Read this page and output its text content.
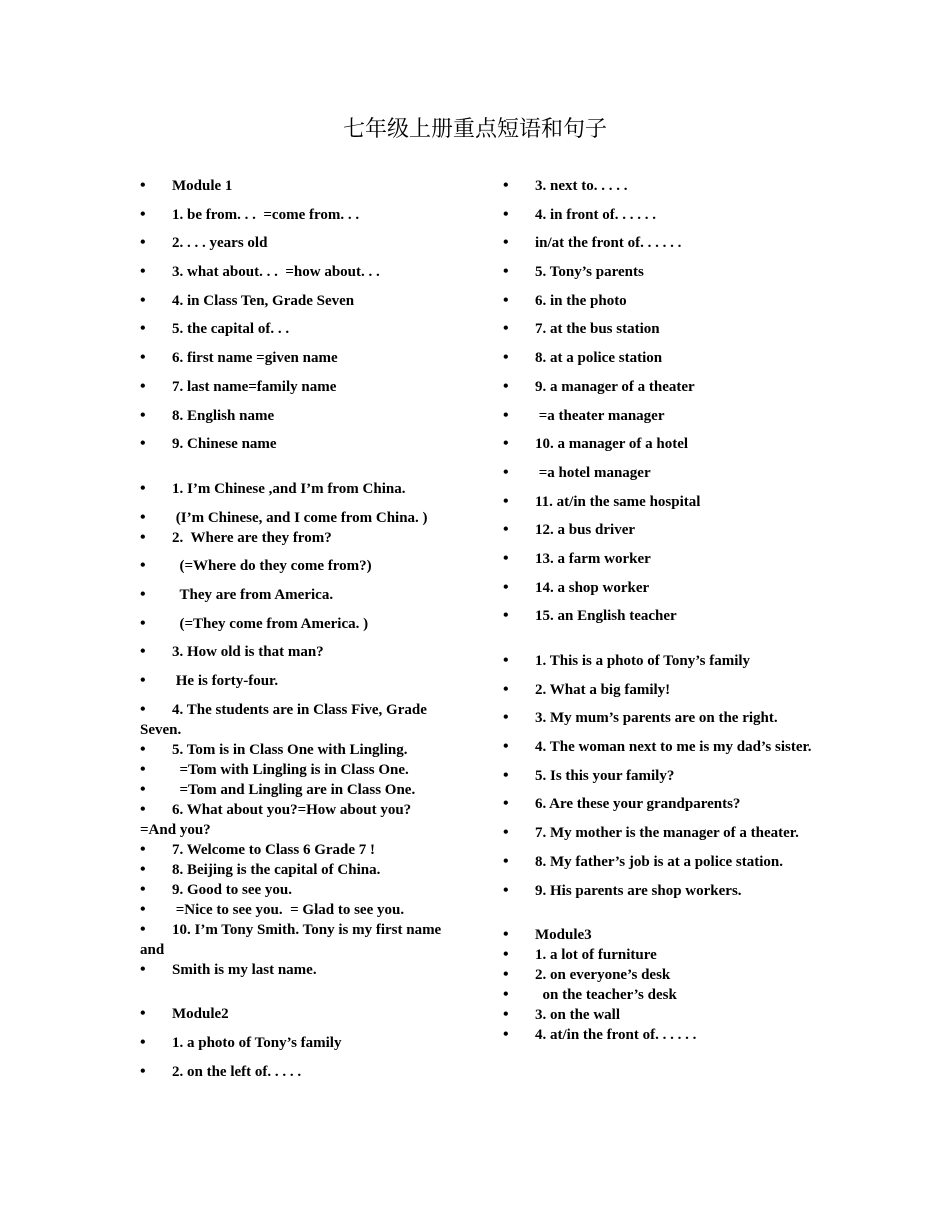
七年级上册重点短语和句子
• Module 1
• 1. be from. . .  =come from. . .
• 2. . . . years old
• 3. what about. . .  =how about. . .
• 4. in Class Ten, Grade Seven
• 5. the capital of. . .
• 6. first name =given name
• 7. last name=family name
• 8. English name
• 9. Chinese name
• 1. I’m Chinese ,and I’m from China.
•  (I’m Chinese, and I come from China. )
• 2.  Where are they from?
•   (=Where do they come from?)
•   They are from America.
•   (=They come from America. )
• 3. How old is that man?
•  He is forty-four.
• 4. The students are in Class Five, Grade Seven.
• 5. Tom is in Class One with Lingling.
•   =Tom with Lingling is in Class One.
•   =Tom and Lingling are in Class One.
• 6. What about you?=How about you? =And you?
• 7. Welcome to Class 6 Grade 7 !
• 8. Beijing is the capital of China.
• 9. Good to see you.
•  =Nice to see you.  = Glad to see you.
• 10. I’m Tony Smith. Tony is my first name and
• Smith is my last name.
• Module2
• 1. a photo of Tony’s family
• 2. on the left of. . . . .
• 3. next to. . . . .
• 4. in front of. . . . . .
• in/at the front of. . . . . .
• 5. Tony’s parents
• 6. in the photo
• 7. at the bus station
• 8. at a police station
• 9. a manager of a theater
•  =a theater manager
• 10. a manager of a hotel
•  =a hotel manager
• 11. at/in the same hospital
• 12. a bus driver
• 13. a farm worker
• 14. a shop worker
• 15. an English teacher
• 1. This is a photo of Tony’s family
• 2. What a big family!
• 3. My mum’s parents are on the right.
• 4. The woman next to me is my dad’s sister.
• 5. Is this your family?
• 6. Are these your grandparents?
• 7. My mother is the manager of a theater.
• 8. My father’s job is at a police station.
• 9. His parents are shop workers.
• Module3
• 1. a lot of furniture
• 2. on everyone’s desk
•   on the teacher’s desk
• 3. on the wall
• 4. at/in the front of. . . . . .
